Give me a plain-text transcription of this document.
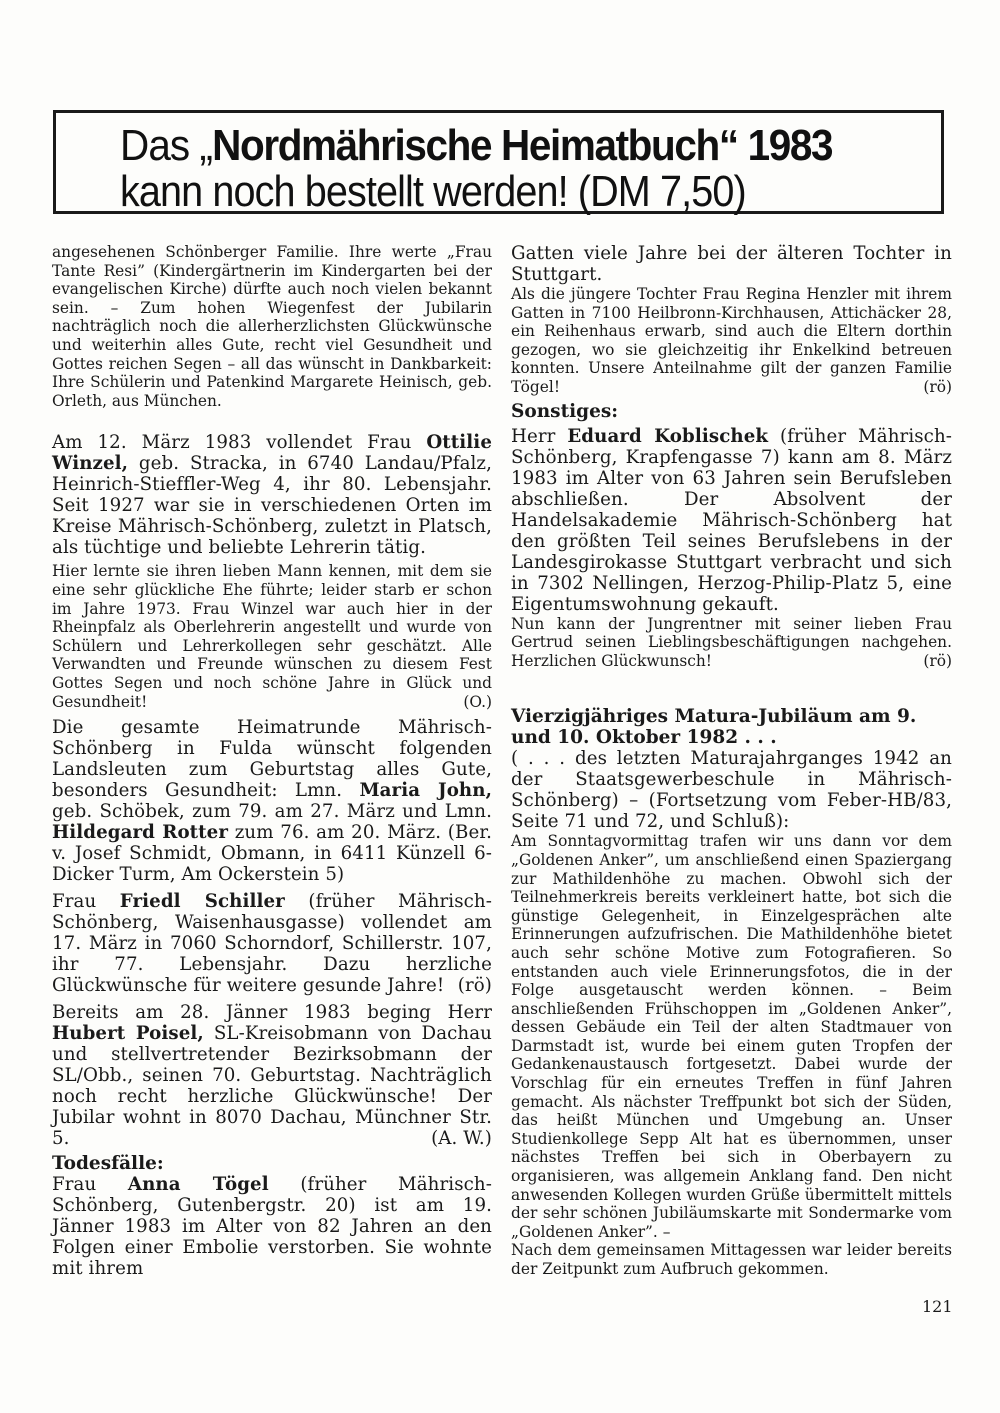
Das „Nordmährische Heimatbuch“ 1983
kann noch bestellt werden! (DM 7,50)

angesehenen Schönberger Familie. Ihre werte „Frau Tante Resi” (Kindergärtnerin im Kindergarten bei der evangelischen Kirche) dürfte auch noch vielen bekannt sein. – Zum hohen Wiegenfest der Jubilarin nachträglich noch die allerherzlichsten Glückwünsche und weiterhin alles Gute, recht viel Gesundheit und Gottes reichen Segen – all das wünscht in Dankbarkeit: Ihre Schülerin und Patenkind Margarete Heinisch, geb. Orleth, aus München.

Am 12. März 1983 vollendet Frau Ottilie Winzel, geb. Stracka, in 6740 Landau/Pfalz, Heinrich-Stieffler-Weg 4, ihr 80. Lebensjahr. Seit 1927 war sie in verschiedenen Orten im Kreise Mährisch-Schönberg, zuletzt in Platsch, als tüchtige und beliebte Lehrerin tätig.

Hier lernte sie ihren lieben Mann kennen, mit dem sie eine sehr glückliche Ehe führte; leider starb er schon im Jahre 1973. Frau Winzel war auch hier in der Rheinpfalz als Oberlehrerin angestellt und wurde von Schülern und Lehrerkollegen sehr geschätzt. Alle Verwandten und Freunde wünschen zu diesem Fest Gottes Segen und noch schöne Jahre in Glück und Gesundheit!	(O.)

Die gesamte Heimatrunde Mährisch-Schönberg in Fulda wünscht folgenden Landsleuten zum Geburtstag alles Gute, besonders Gesundheit: Lmn. Maria John, geb. Schöbek, zum 79. am 27. März und Lmn. Hildegard Rotter zum 76. am 20. März. (Ber. v. Josef Schmidt, Obmann, in 6411 Künzell 6-Dicker Turm, Am Ockerstein 5)

Frau Friedl Schiller (früher Mährisch-Schönberg, Waisenhausgasse) vollendet am 17. März in 7060 Schorndorf, Schillerstr. 107, ihr 77. Lebensjahr. Dazu herzliche Glückwünsche für weitere gesunde Jahre! (rö)

Bereits am 28. Jänner 1983 beging Herr Hubert Poisel, SL-Kreisobmann von Dachau und stellvertretender Bezirksobmann der SL/Obb., seinen 70. Geburtstag. Nachträglich noch recht herzliche Glückwünsche! Der Jubilar wohnt in 8070 Dachau, Münchner Str. 5.	(A. W.)

Todesfälle:

Frau Anna Tögel (früher Mährisch-Schönberg, Gutenbergstr. 20) ist am 19. Jänner 1983 im Alter von 82 Jahren an den Folgen einer Embolie verstorben. Sie wohnte mit ihrem

Gatten viele Jahre bei der älteren Tochter in Stuttgart.

Als die jüngere Tochter Frau Regina Henzler mit ihrem Gatten in 7100 Heilbronn-Kirchhausen, Attichäcker 28, ein Reihenhaus erwarb, sind auch die Eltern dorthin gezogen, wo sie gleichzeitig ihr Enkelkind betreuen konnten. Unsere Anteilnahme gilt der ganzen Familie Tögel!	(rö)

Sonstiges:

Herr Eduard Koblischek (früher Mährisch-Schönberg, Krapfengasse 7) kann am 8. März 1983 im Alter von 63 Jahren sein Berufsleben abschließen. Der Absolvent der Handelsakademie Mährisch-Schönberg hat den größten Teil seines Berufslebens in der Landesgirokasse Stuttgart verbracht und sich in 7302 Nellingen, Herzog-Philip-Platz 5, eine Eigentumswohnung gekauft.

Nun kann der Jungrentner mit seiner lieben Frau Gertrud seinen Lieblingsbeschäftigungen nachgehen. Herzlichen Glückwunsch!	(rö)

Vierzigjähriges Matura-Jubiläum am 9. und 10. Oktober 1982 . . .

( . . . des letzten Maturajahrganges 1942 an der Staatsgewerbeschule in Mährisch-Schönberg) – (Fortsetzung vom Feber-HB/83, Seite 71 und 72, und Schluß):

Am Sonntagvormittag trafen wir uns dann vor dem „Goldenen Anker”, um anschließend einen Spaziergang zur Mathildenhöhe zu machen. Obwohl sich der Teilnehmerkreis bereits verkleinert hatte, bot sich die günstige Gelegenheit, in Einzelgesprächen alte Erinnerungen aufzufrischen. Die Mathildenhöhe bietet auch sehr schöne Motive zum Fotografieren. So entstanden auch viele Erinnerungsfotos, die in der Folge ausgetauscht werden können. – Beim anschließenden Frühschoppen im „Goldenen Anker”, dessen Gebäude ein Teil der alten Stadtmauer von Darmstadt ist, wurde bei einem guten Tropfen der Gedankenaustausch fortgesetzt. Dabei wurde der Vorschlag für ein erneutes Treffen in fünf Jahren gemacht. Als nächster Treffpunkt bot sich der Süden, das heißt München und Umgebung an. Unser Studienkollege Sepp Alt hat es übernommen, unser nächstes Treffen bei sich in Oberbayern zu organisieren, was allgemein Anklang fand. Den nicht anwesenden Kollegen wurden Grüße übermittelt mittels der sehr schönen Jubiläumskarte mit Sondermarke vom „Goldenen Anker”. –

Nach dem gemeinsamen Mittagessen war leider bereits der Zeitpunkt zum Aufbruch gekommen.

121
